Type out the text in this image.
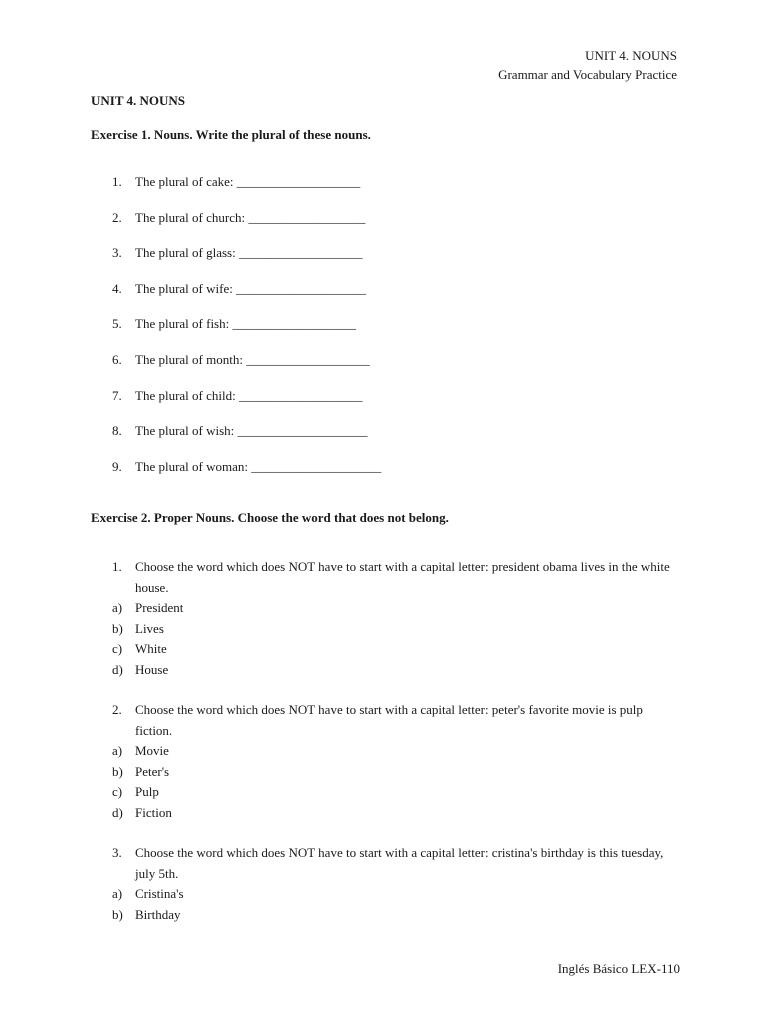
UNIT 4. NOUNS
Grammar and Vocabulary Practice
UNIT 4. NOUNS
Exercise 1. Nouns. Write the plural of these nouns.
1.	The plural of cake: ___________________
2.	The plural of church: __________________
3.	The plural of glass: ___________________
4.	The plural of wife: ____________________
5.	The plural of fish: ___________________
6.	The plural of month: ___________________
7.	The plural of child: ___________________
8.	The plural of wish: ____________________
9.	The plural of woman: ____________________
Exercise 2. Proper Nouns. Choose the word that does not belong.
1.	Choose the word which does NOT have to start with a capital letter: president obama lives in the white house.
a) President
b) Lives
c) White
d) House
2.	Choose the word which does NOT have to start with a capital letter: peter's favorite movie is pulp fiction.
a) Movie
b) Peter's
c) Pulp
d) Fiction
3.	Choose the word which does NOT have to start with a capital letter: cristina's birthday is this tuesday, july 5th.
a) Cristina's
b) Birthday
Inglés Básico LEX-110
